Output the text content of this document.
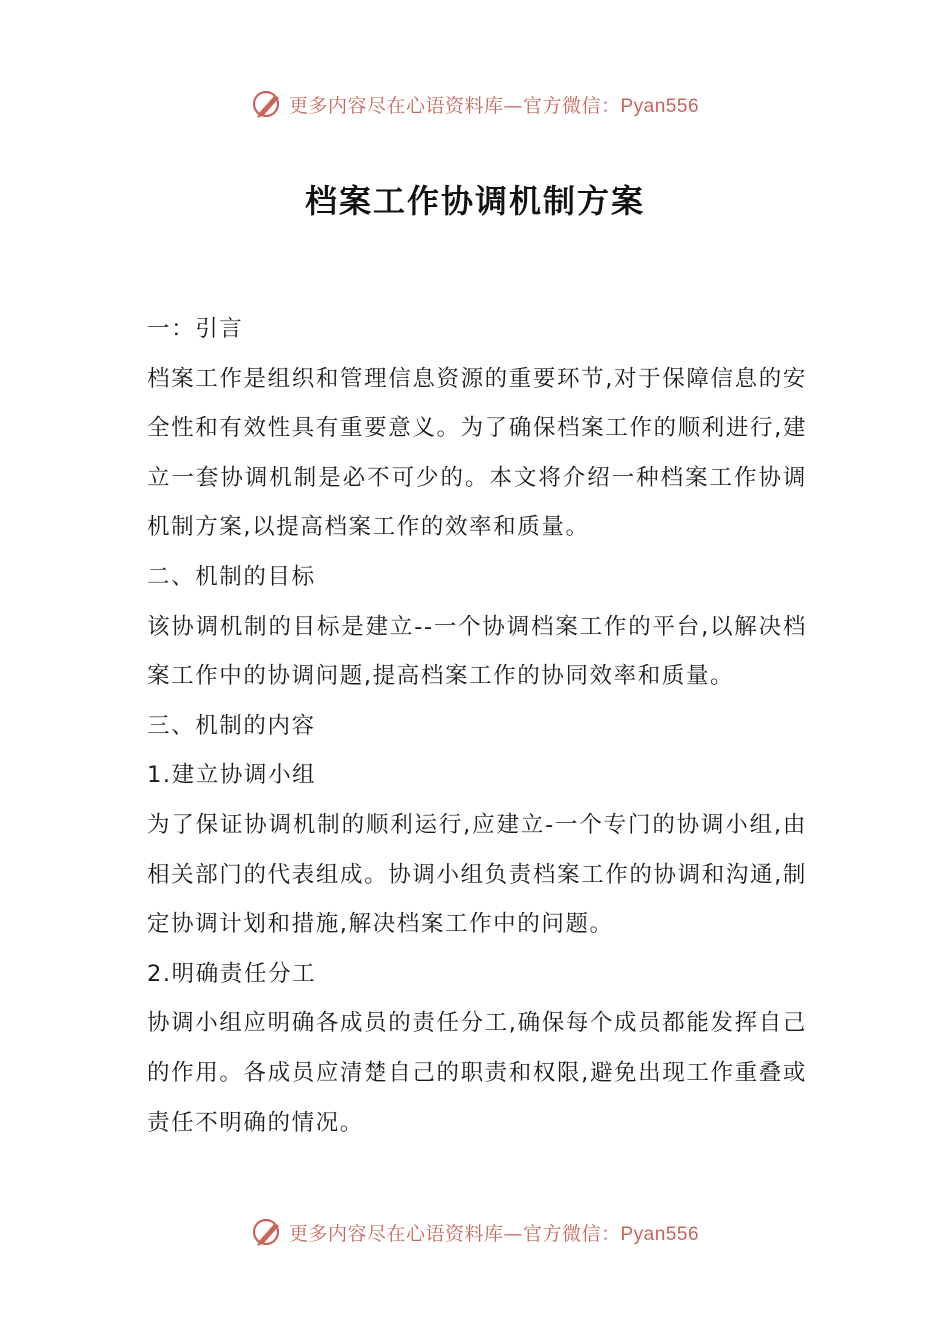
更多内容尽在心语资料库—官方微信：Pyan556
档案工作协调机制方案

一：引言

档案工作是组织和管理信息资源的重要环节,对于保障信息的安全性和有效性具有重要意义。为了确保档案工作的顺利进行,建立一套协调机制是必不可少的。本文将介绍一种档案工作协调机制方案,以提高档案工作的效率和质量。

二、机制的目标

该协调机制的目标是建立--一个协调档案工作的平台,以解决档案工作中的协调问题,提高档案工作的协同效率和质量。

三、机制的内容

1.建立协调小组

为了保证协调机制的顺利运行,应建立-一个专门的协调小组,由相关部门的代表组成。协调小组负责档案工作的协调和沟通,制定协调计划和措施,解决档案工作中的问题。

2.明确责任分工

协调小组应明确各成员的责任分工,确保每个成员都能发挥自己的作用。各成员应清楚自己的职责和权限,避免出现工作重叠或责任不明确的情况。

更多内容尽在心语资料库—官方微信：Pyan556
